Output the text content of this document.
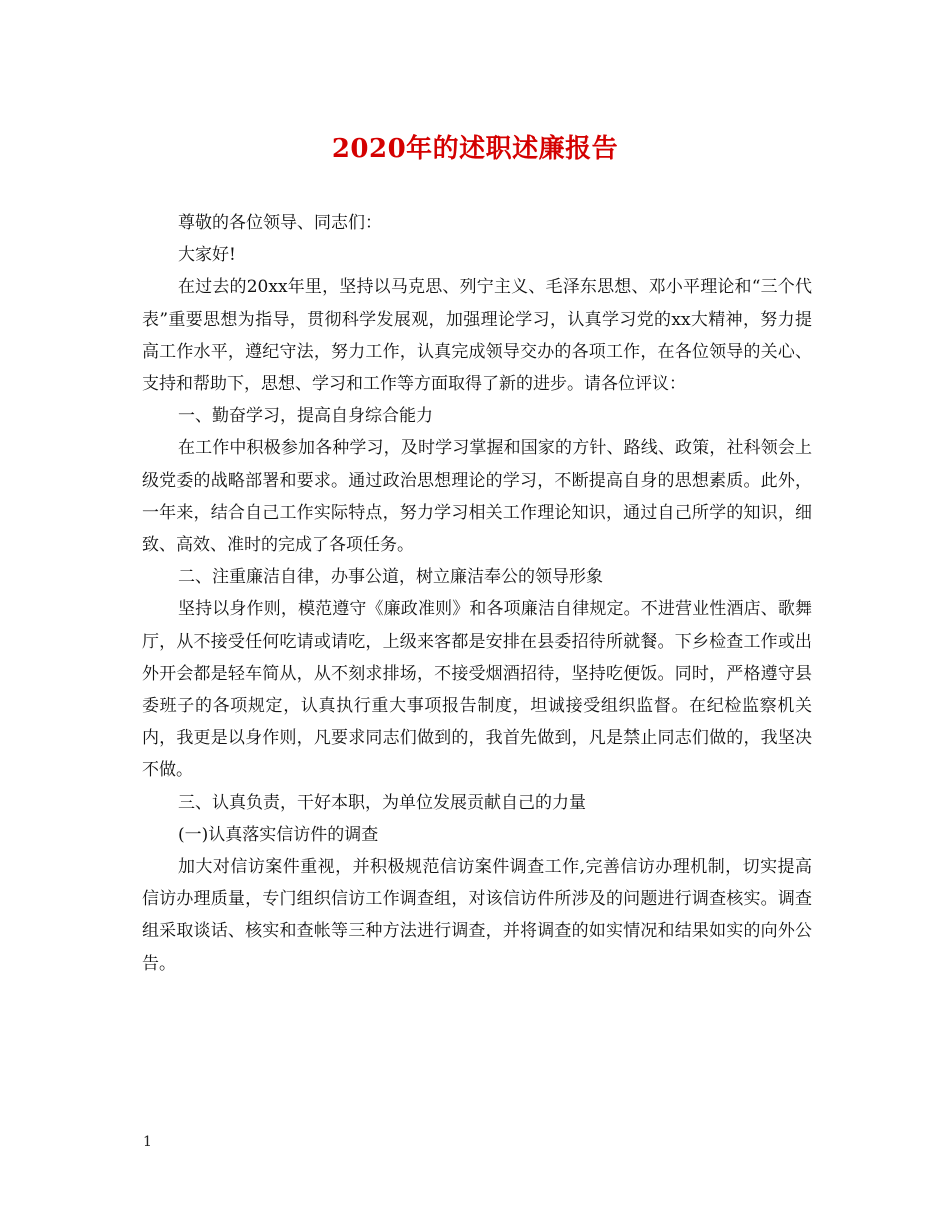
2020年的述职述廉报告

尊敬的各位领导、同志们：

大家好!

在过去的20xx年里，坚持以马克思、列宁主义、毛泽东思想、邓小平理论和“三个代表”重要思想为指导，贯彻科学发展观，加强理论学习，认真学习党的xx大精神，努力提高工作水平，遵纪守法，努力工作，认真完成领导交办的各项工作，在各位领导的关心、支持和帮助下，思想、学习和工作等方面取得了新的进步。请各位评议：

一、勤奋学习，提高自身综合能力

在工作中积极参加各种学习，及时学习掌握和国家的方针、路线、政策，社科领会上级党委的战略部署和要求。通过政治思想理论的学习，不断提高自身的思想素质。此外，一年来，结合自己工作实际特点，努力学习相关工作理论知识，通过自己所学的知识，细致、高效、准时的完成了各项任务。

二、注重廉洁自律，办事公道，树立廉洁奉公的领导形象

坚持以身作则，模范遵守《廉政准则》和各项廉洁自律规定。不进营业性酒店、歌舞厅，从不接受任何吃请或请吃，上级来客都是安排在县委招待所就餐。下乡检查工作或出外开会都是轻车简从，从不刻求排场，不接受烟酒招待，坚持吃便饭。同时，严格遵守县委班子的各项规定，认真执行重大事项报告制度，坦诚接受组织监督。在纪检监察机关内，我更是以身作则，凡要求同志们做到的，我首先做到，凡是禁止同志们做的，我坚决不做。

三、认真负责，干好本职，为单位发展贡献自己的力量

(一)认真落实信访件的调查

加大对信访案件重视，并积极规范信访案件调查工作,完善信访办理机制，切实提高信访办理质量，专门组织信访工作调查组，对该信访件所涉及的问题进行调查核实。调查组采取谈话、核实和查帐等三种方法进行调查，并将调查的如实情况和结果如实的向外公告。

1
